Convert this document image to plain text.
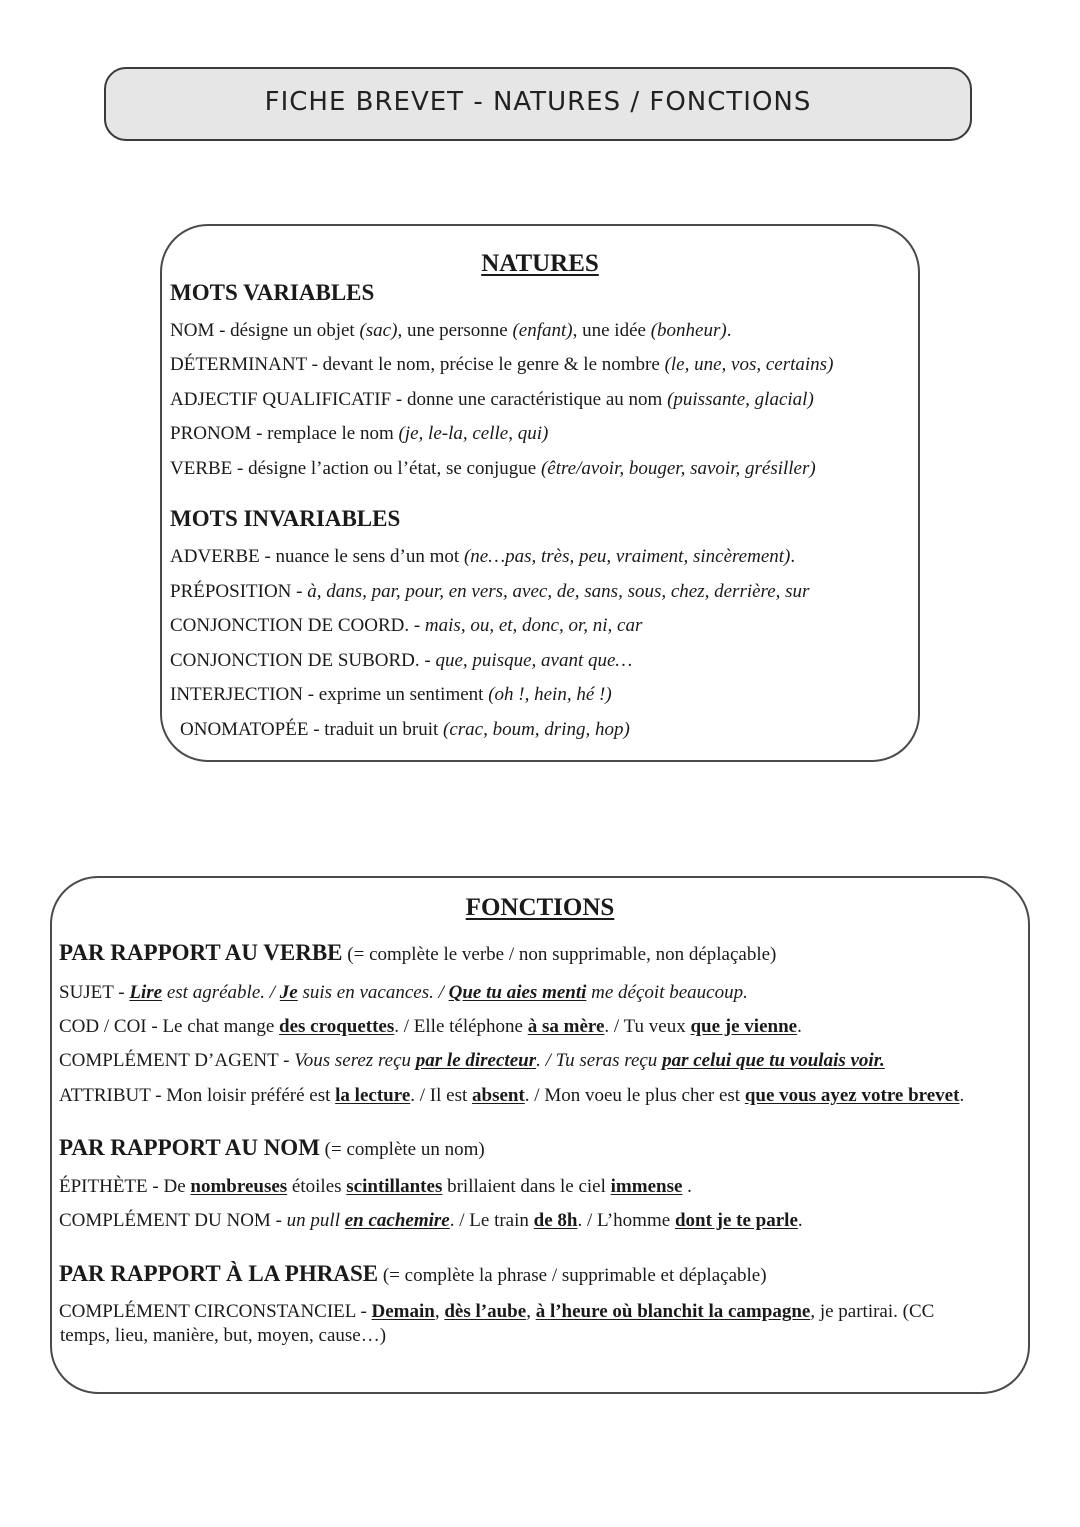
FICHE BREVET - NATURES / FONCTIONS
NATURES
MOTS VARIABLES
NOM - désigne un objet (sac), une personne (enfant), une idée (bonheur).
DÉTERMINANT - devant le nom, précise le genre & le nombre (le, une, vos, certains)
ADJECTIF QUALIFICATIF - donne une caractéristique au nom (puissante, glacial)
PRONOM - remplace le nom (je, le-la, celle, qui)
VERBE - désigne l’action ou l’état, se conjugue (être/avoir, bouger, savoir, grésiller)
MOTS INVARIABLES
ADVERBE - nuance le sens d’un mot (ne…pas, très, peu, vraiment, sincèrement).
PRÉPOSITION - à, dans, par, pour, en vers, avec, de, sans, sous, chez, derrière, sur
CONJONCTION DE COORD. - mais, ou, et, donc, or, ni, car
CONJONCTION DE SUBORD. - que, puisque, avant que…
INTERJECTION - exprime un sentiment (oh !, hein, hé !)
ONOMATOPÉE - traduit un bruit (crac, boum, dring, hop)
FONCTIONS
PAR RAPPORT AU VERBE (= complète le verbe / non supprimable, non déplaçable)
SUJET - Lire est agréable. / Je suis en vacances. / Que tu aies menti me déçoit beaucoup.
COD / COI - Le chat mange des croquettes. / Elle téléphone à sa mère. / Tu veux que je vienne.
COMPLÉMENT D’AGENT - Vous serez reçu par le directeur. / Tu seras reçu par celui que tu voulais voir.
ATTRIBUT - Mon loisir préféré est la lecture. / Il est absent. / Mon voeu le plus cher est que vous ayez votre brevet.
PAR RAPPORT AU NOM (= complète un nom)
ÉPITHÈTE - De nombreuses étoiles scintillantes brillaient dans le ciel immense .
COMPLÉMENT DU NOM - un pull en cachemire. / Le train de 8h. / L’homme dont je te parle.
PAR RAPPORT À LA PHRASE (= complète la phrase / supprimable et déplaçable)
COMPLÉMENT CIRCONSTANCIEL - Demain, dès l’aube, à l’heure où blanchit la campagne, je partirai. (CC
temps, lieu, manière, but, moyen, cause…)
